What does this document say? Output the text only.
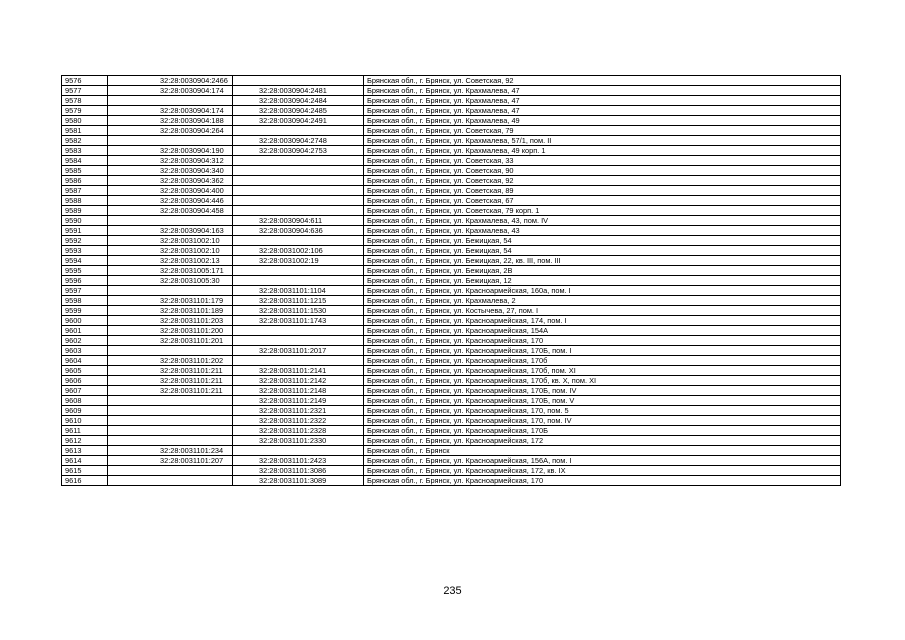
9576	32:28:0030904:2466		Брянская обл., г. Брянск, ул. Советская, 92
9577	32:28:0030904:174	32:28:0030904:2481	Брянская обл., г. Брянск, ул. Крахмалева, 47
9578		32:28:0030904:2484	Брянская обл., г. Брянск, ул. Крахмалева, 47
9579	32:28:0030904:174	32:28:0030904:2485	Брянская обл., г. Брянск, ул. Крахмалева, 47
9580	32:28:0030904:188	32:28:0030904:2491	Брянская обл., г. Брянск, ул. Крахмалева, 49
9581	32:28:0030904:264		Брянская обл., г. Брянск, ул. Советская, 79
9582		32:28:0030904:2748	Брянская обл., г. Брянск, ул. Крахмалева, 57/1, пом. II
9583	32:28:0030904:190	32:28:0030904:2753	Брянская обл., г. Брянск, ул. Крахмалева, 49 корп. 1
9584	32:28:0030904:312		Брянская обл., г. Брянск, ул. Советская, 33
9585	32:28:0030904:340		Брянская обл., г. Брянск, ул. Советская, 90
9586	32:28:0030904:362		Брянская обл., г. Брянск, ул. Советская, 92
9587	32:28:0030904:400		Брянская обл., г. Брянск, ул. Советская, 89
9588	32:28:0030904:446		Брянская обл., г. Брянск, ул. Советская, 67
9589	32:28:0030904:458		Брянская обл., г. Брянск, ул. Советская, 79 корп. 1
9590		32:28:0030904:611	Брянская обл., г. Брянск, ул. Крахмалева, 43, пом. IV
9591	32:28:0030904:163	32:28:0030904:636	Брянская обл., г. Брянск, ул. Крахмалева, 43
9592	32:28:0031002:10		Брянская обл., г. Брянск, ул. Бежицкая, 54
9593	32:28:0031002:10	32:28:0031002:106	Брянская обл., г. Брянск, ул. Бежицкая, 54
9594	32:28:0031002:13	32:28:0031002:19	Брянская обл., г. Брянск, ул. Бежицкая, 22, кв. III, пом. III
9595	32:28:0031005:171		Брянская обл., г. Брянск, ул. Бежицкая, 2В
9596	32:28:0031005:30		Брянская обл., г. Брянск, ул. Бежицкая, 12
9597		32:28:0031101:1104	Брянская обл., г. Брянск, ул. Красноармейская, 160а, пом. I
9598	32:28:0031101:179	32:28:0031101:1215	Брянская обл., г. Брянск, ул. Крахмалева, 2
9599	32:28:0031101:189	32:28:0031101:1530	Брянская обл., г. Брянск, ул. Костычева, 27, пом. I
9600	32:28:0031101:203	32:28:0031101:1743	Брянская обл., г. Брянск, ул. Красноармейская, 174, пом. I
9601	32:28:0031101:200		Брянская обл., г. Брянск, ул. Красноармейская, 154А
9602	32:28:0031101:201		Брянская обл., г. Брянск, ул. Красноармейская, 170
9603		32:28:0031101:2017	Брянская обл., г. Брянск, ул. Красноармейская, 170Б, пом. I
9604	32:28:0031101:202		Брянская обл., г. Брянск, ул. Красноармейская, 170б
9605	32:28:0031101:211	32:28:0031101:2141	Брянская обл., г. Брянск, ул. Красноармейская, 170б, пом. XI
9606	32:28:0031101:211	32:28:0031101:2142	Брянская обл., г. Брянск, ул. Красноармейская, 170б, кв. X, пом. XI
9607	32:28:0031101:211	32:28:0031101:2148	Брянская обл., г. Брянск, ул. Красноармейская, 170Б, пом. IV
9608		32:28:0031101:2149	Брянская обл., г. Брянск, ул. Красноармейская, 170Б, пом. V
9609		32:28:0031101:2321	Брянская обл., г. Брянск, ул. Красноармейская, 170, пом. 5
9610		32:28:0031101:2322	Брянская обл., г. Брянск, ул. Красноармейская, 170, пом. IV
9611		32:28:0031101:2328	Брянская обл., г. Брянск, ул. Красноармейская, 170Б
9612		32:28:0031101:2330	Брянская обл., г. Брянск, ул. Красноармейская, 172
9613	32:28:0031101:234		Брянская обл., г. Брянск
9614	32:28:0031101:207	32:28:0031101:2423	Брянская обл., г. Брянск, ул. Красноармейская, 156А, пом. I
9615		32:28:0031101:3086	Брянская обл., г. Брянск, ул. Красноармейская, 172, кв. IX
9616		32:28:0031101:3089	Брянская обл., г. Брянск, ул. Красноармейская, 170
235
